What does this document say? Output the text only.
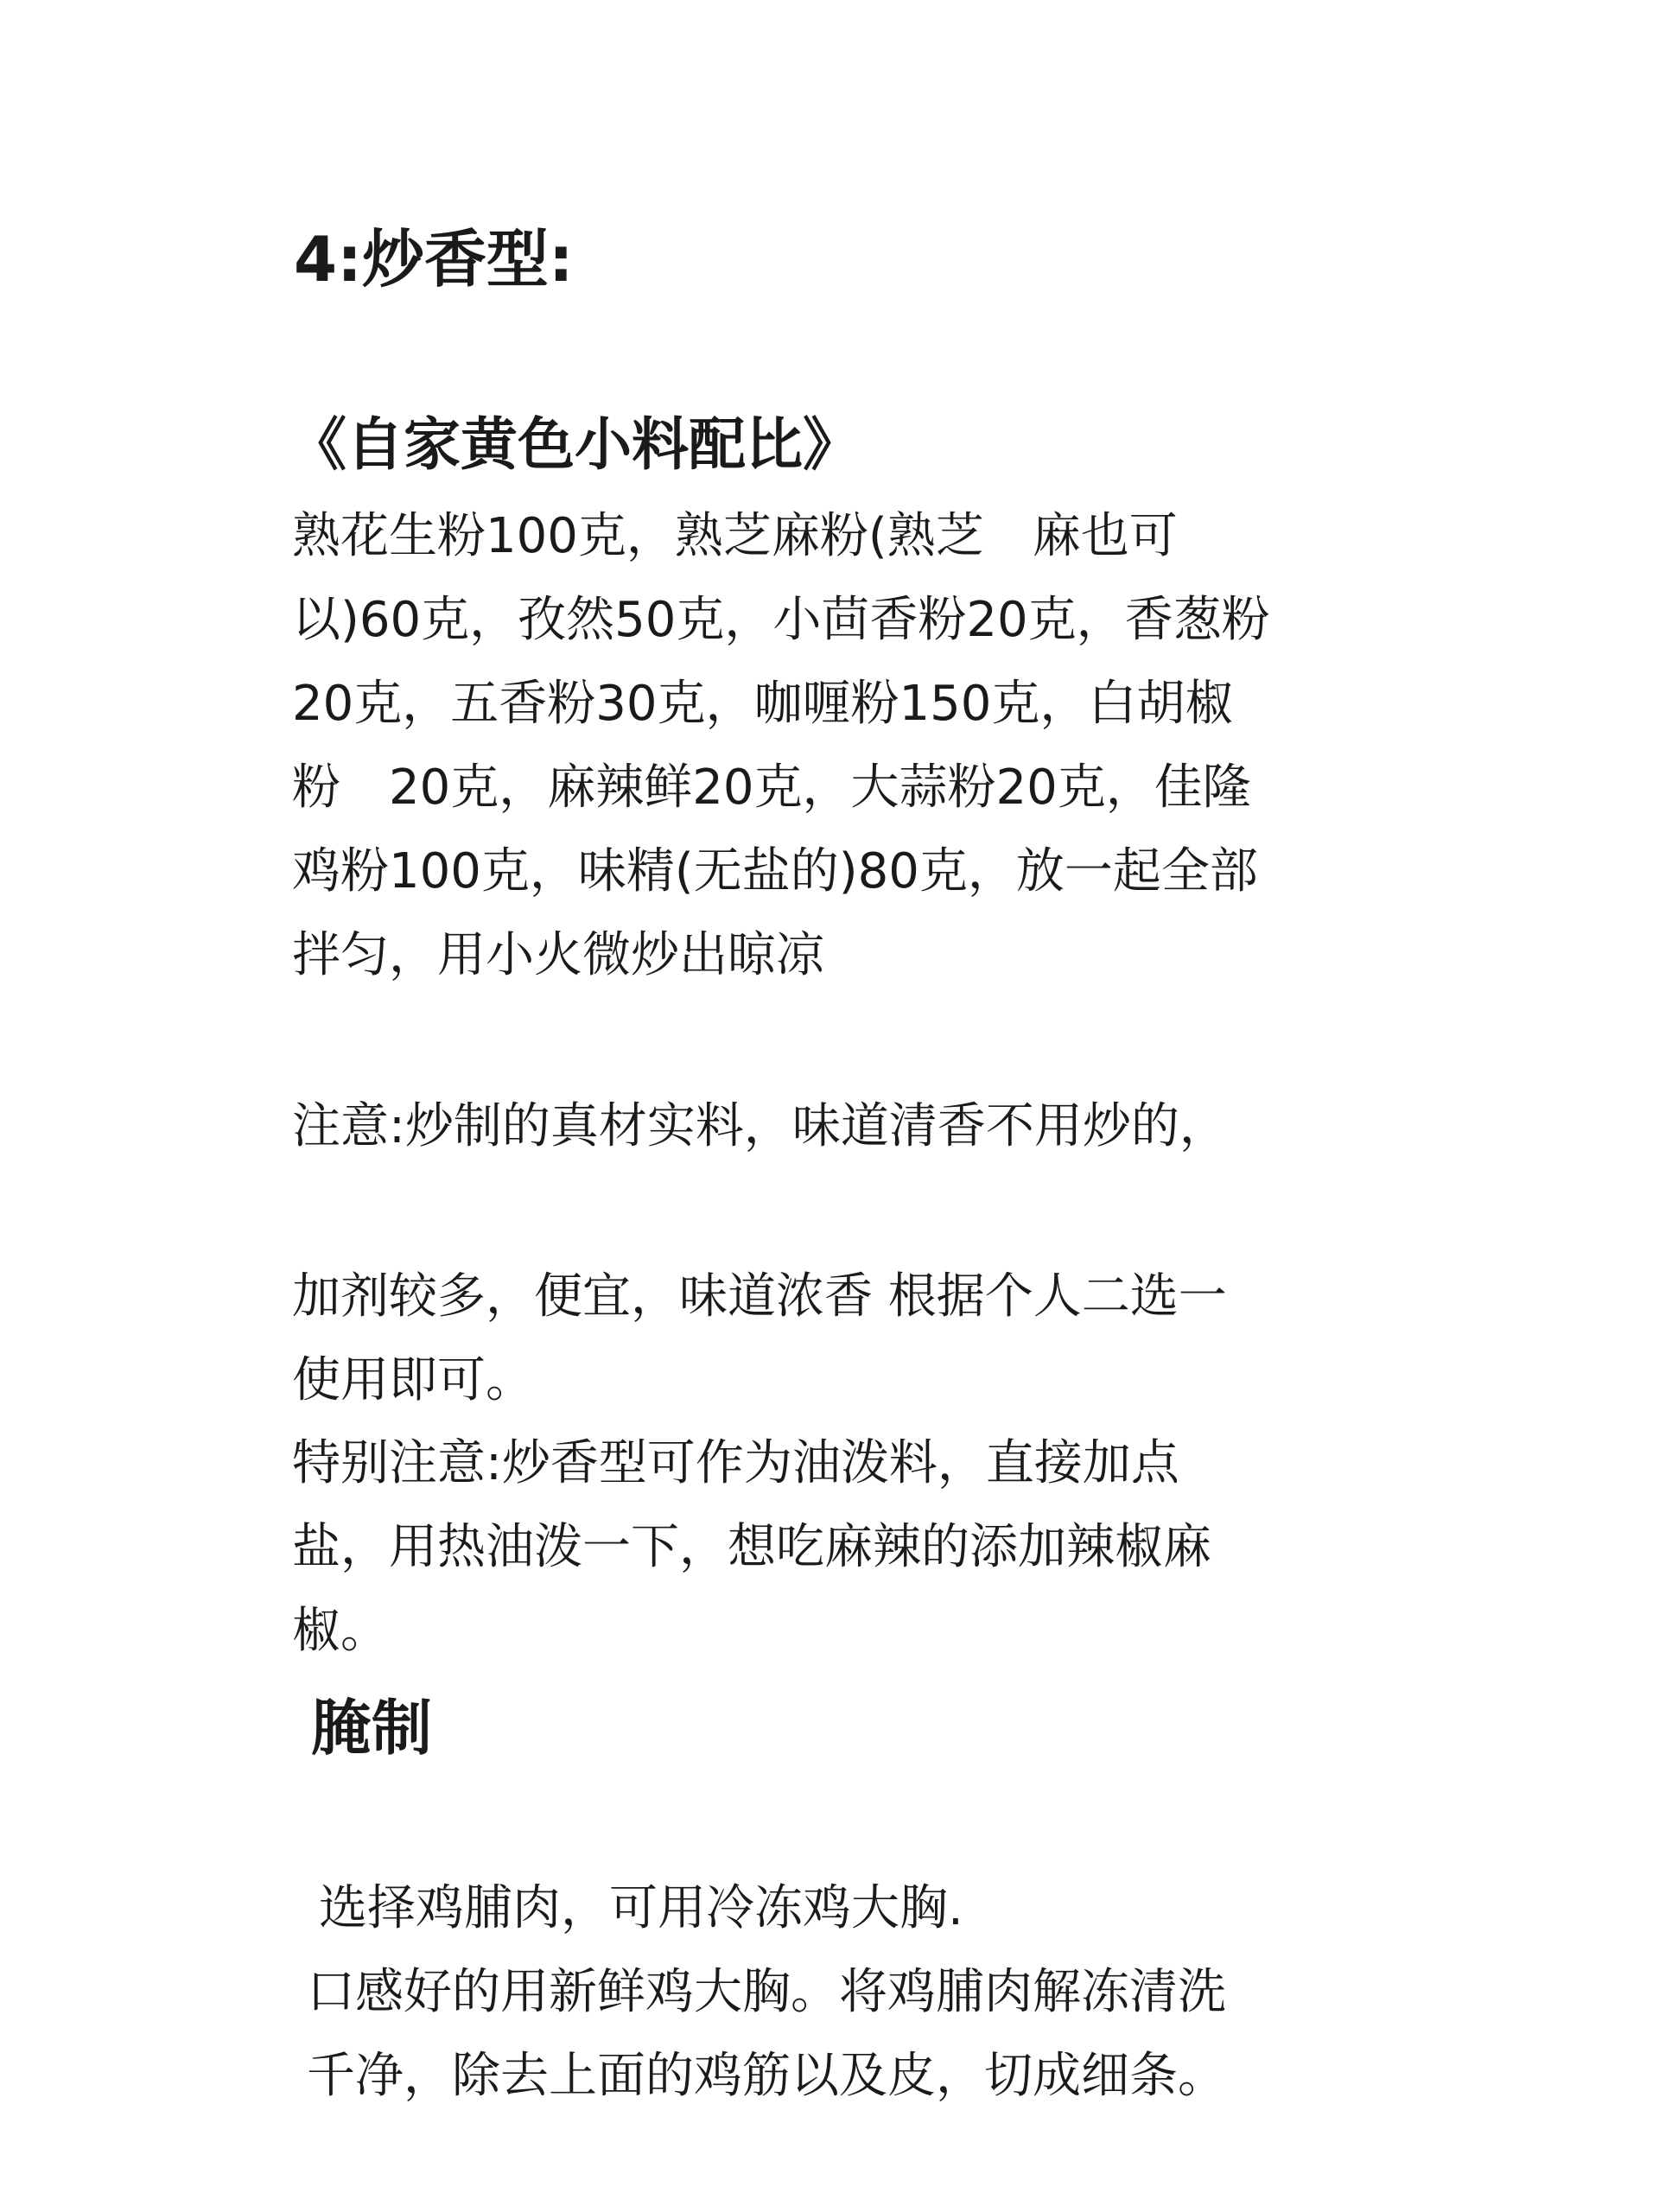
4:炒香型:
《自家黄色小料配比》
熟花生粉100克，熟芝麻粉(熟芝　麻也可
以)60克，孜然50克，小茴香粉20克，香葱粉
20克，五香粉30克，咖喱粉150克，白胡椒
粉　20克，麻辣鲜20克，大蒜粉20克，佳隆
鸡粉100克，味精(无盐的)80克，放一起全部
拌匀，用小火微炒出晾凉
注意:炒制的真材实料，味道清香不用炒的，
加剂较多，便宜，味道浓香 根据个人二选一
使用即可。
特别注意:炒香型可作为油泼料，直接加点
盐，用热油泼一下，想吃麻辣的添加辣椒麻
椒。
腌制
选择鸡脯肉，可用冷冻鸡大胸.
口感好的用新鲜鸡大胸。将鸡脯肉解冻清洗
千净，除去上面的鸡筋以及皮，切成细条。
